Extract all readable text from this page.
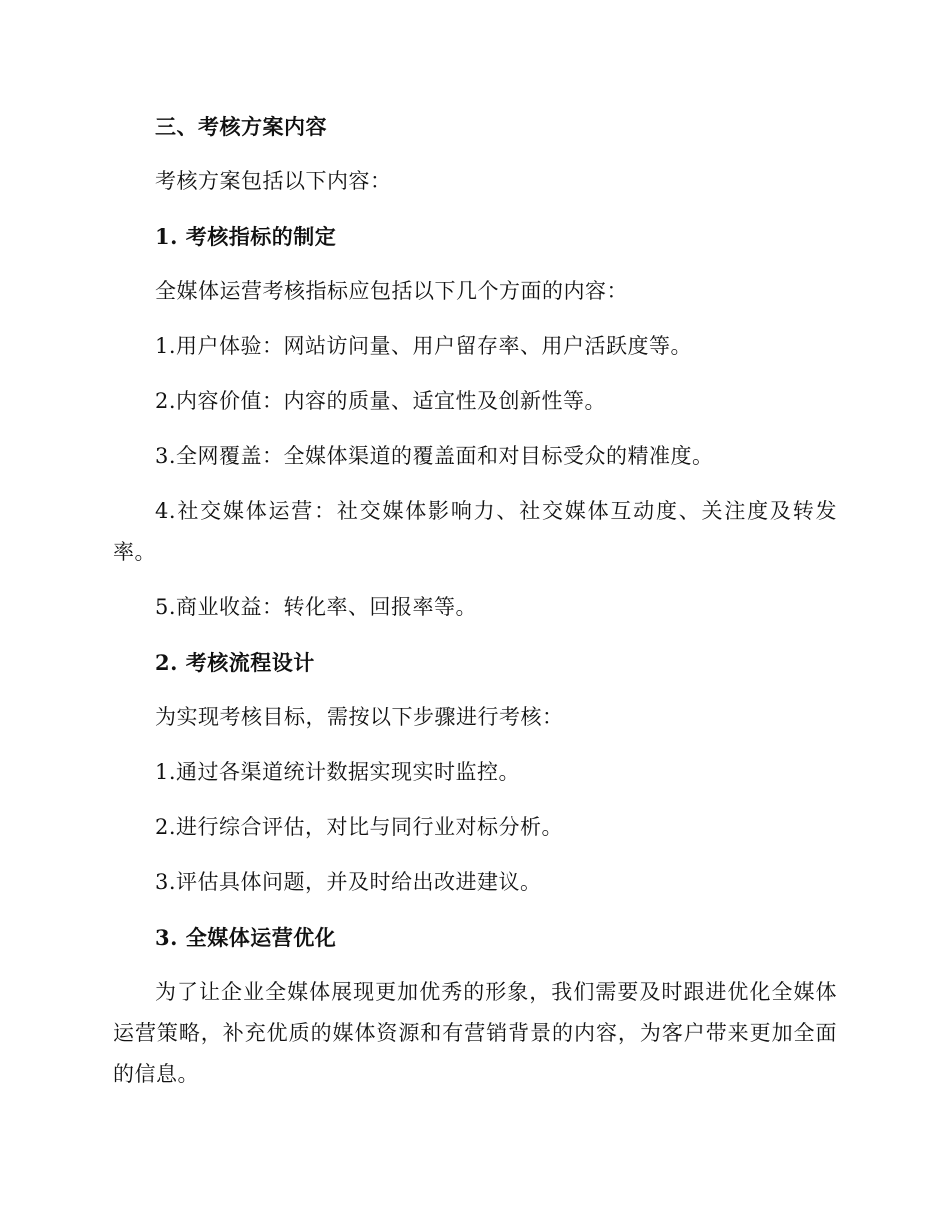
三、考核方案内容

考核方案包括以下内容：

1. 考核指标的制定

全媒体运营考核指标应包括以下几个方面的内容：

1.用户体验：网站访问量、用户留存率、用户活跃度等。

2.内容价值：内容的质量、适宜性及创新性等。

3.全网覆盖：全媒体渠道的覆盖面和对目标受众的精准度。

4.社交媒体运营：社交媒体影响力、社交媒体互动度、关注度及转发率。

5.商业收益：转化率、回报率等。

2. 考核流程设计

为实现考核目标，需按以下步骤进行考核：

1.通过各渠道统计数据实现实时监控。

2.进行综合评估，对比与同行业对标分析。

3.评估具体问题，并及时给出改进建议。

3. 全媒体运营优化

为了让企业全媒体展现更加优秀的形象，我们需要及时跟进优化全媒体运营策略，补充优质的媒体资源和有营销背景的内容，为客户带来更加全面的信息。
